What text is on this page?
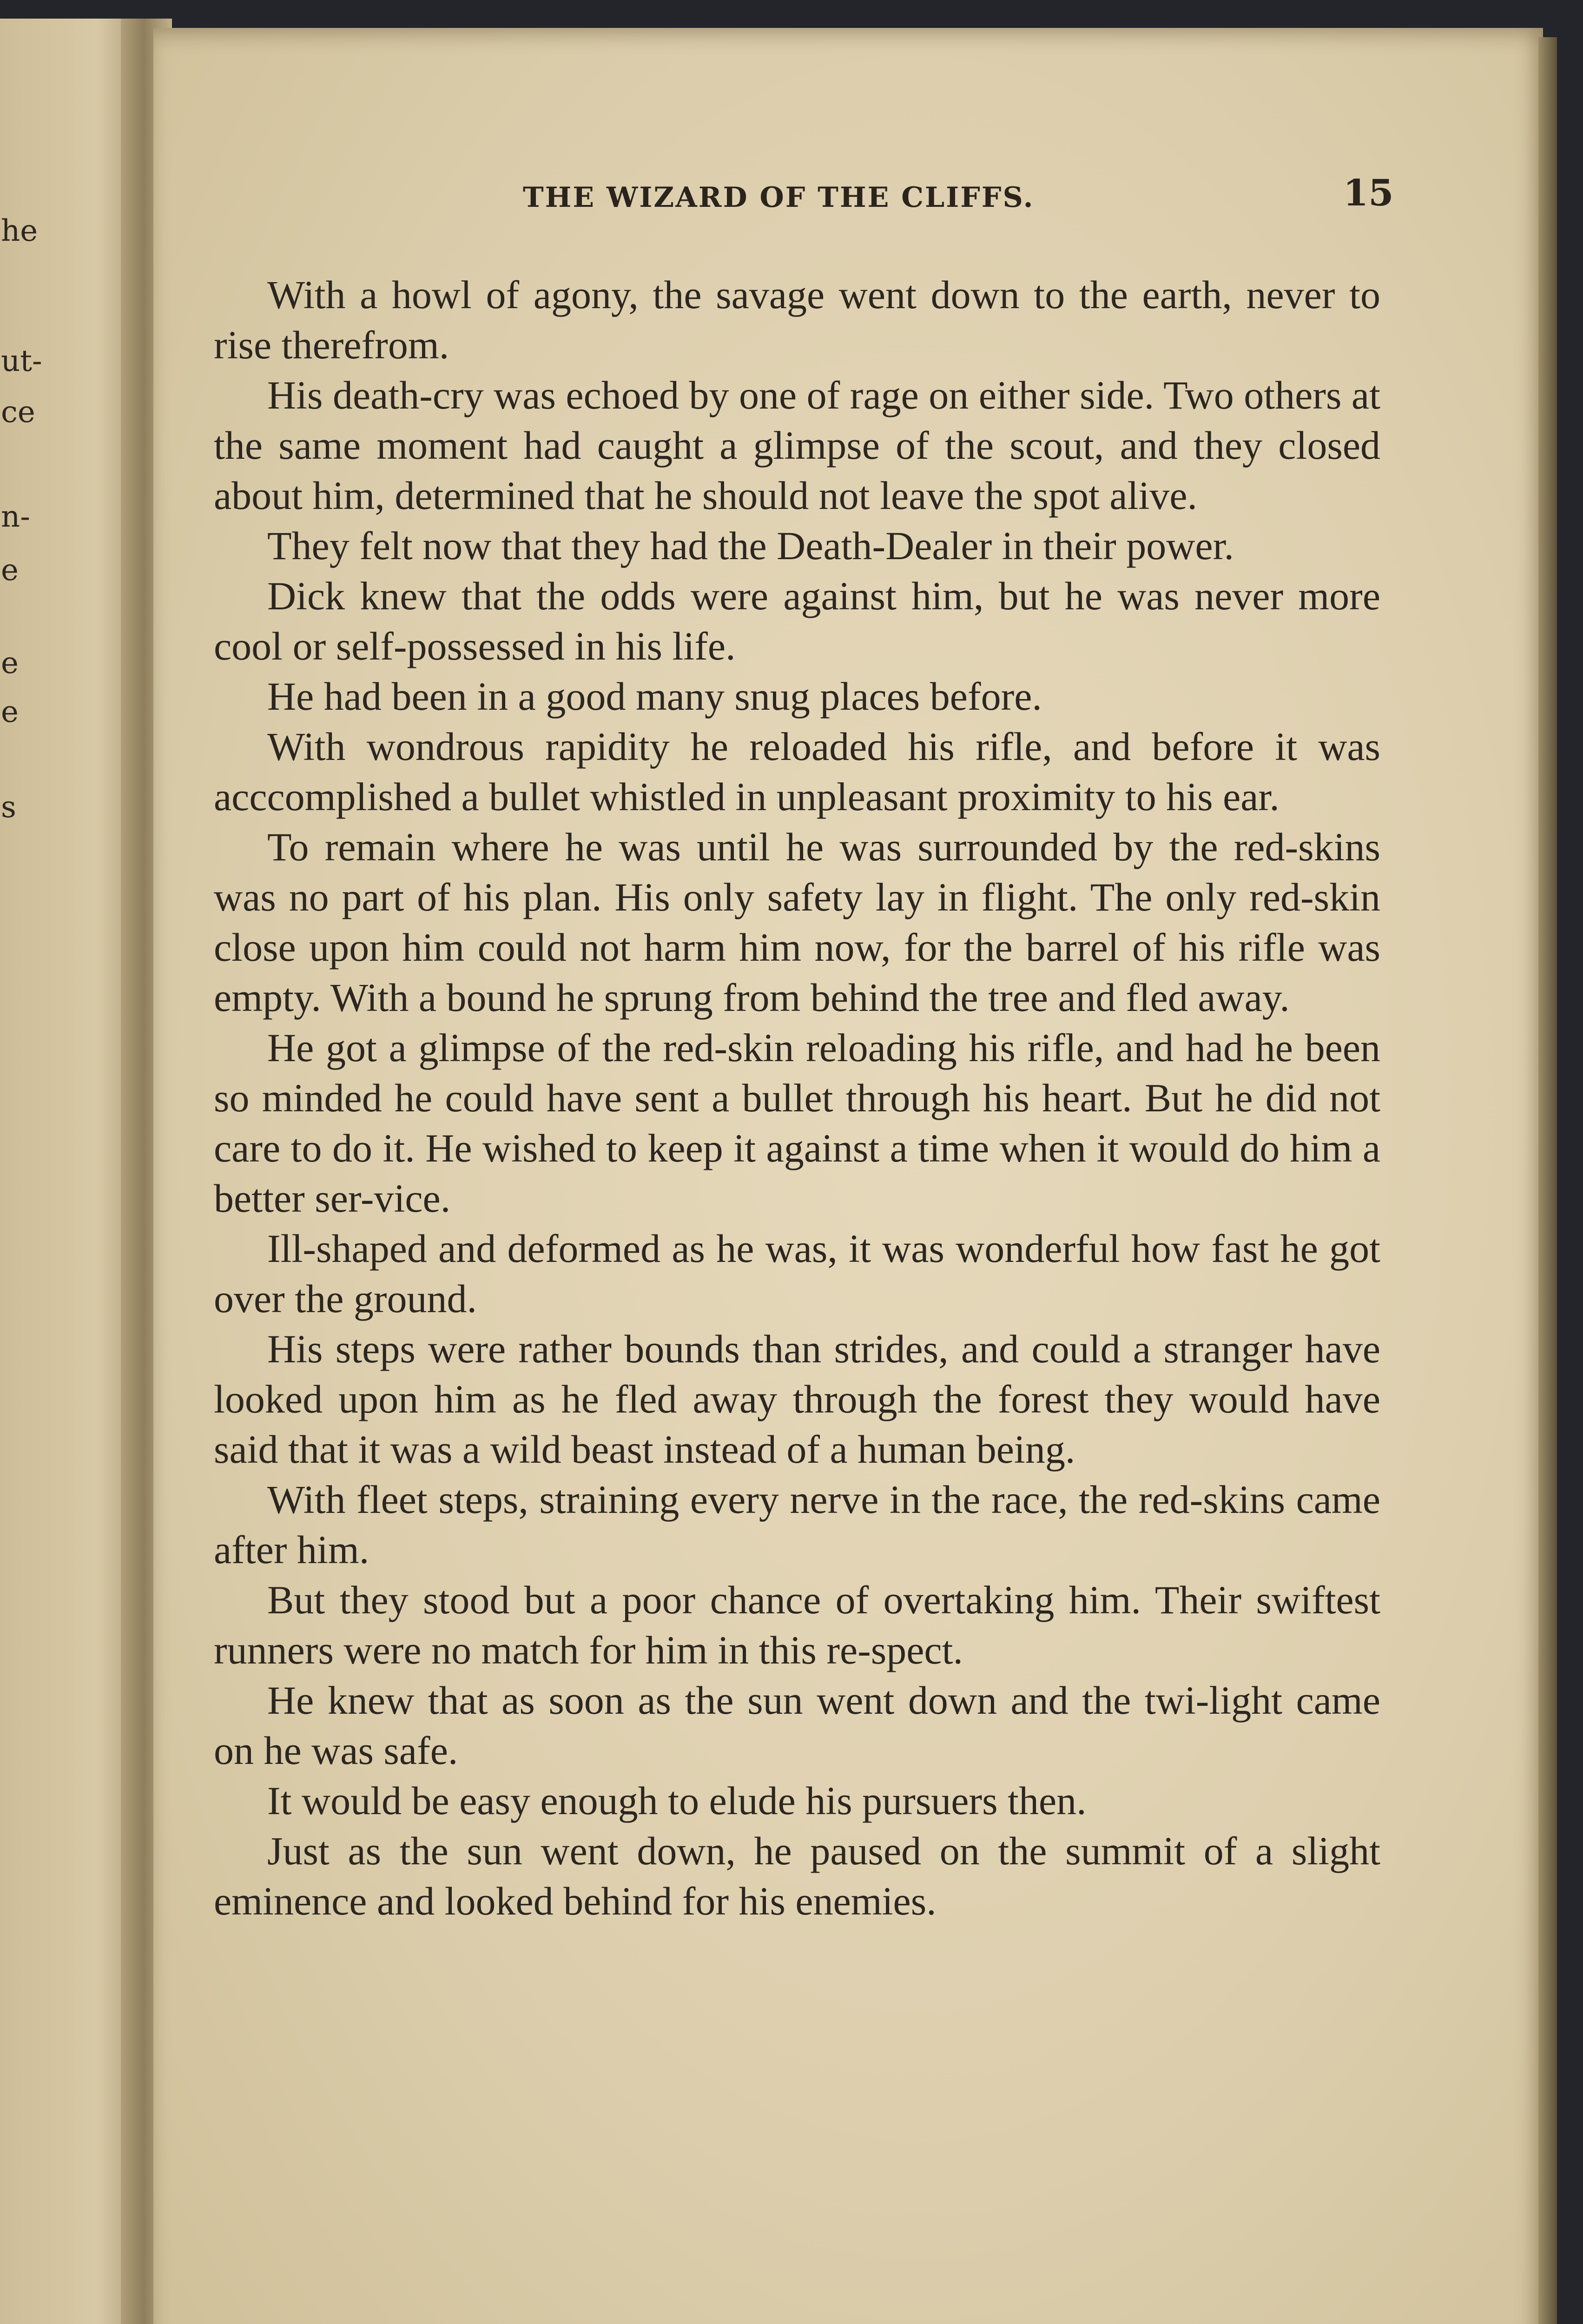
he
ut-
ce
n-
e
e
e
s
THE WIZARD OF THE CLIFFS.	15

With a howl of agony, the savage went down to the earth, never to rise therefrom.

His death-cry was echoed by one of rage on either side. Two others at the same moment had caught a glimpse of the scout, and they closed about him, determined that he should not leave the spot alive.

They felt now that they had the Death-Dealer in their power.

Dick knew that the odds were against him, but he was never more cool or self-possessed in his life.

He had been in a good many snug places before.

With wondrous rapidity he reloaded his rifle, and before it was acccomplished a bullet whistled in unpleasant proximity to his ear.

To remain where he was until he was surrounded by the red-skins was no part of his plan. His only safety lay in flight. The only red-skin close upon him could not harm him now, for the barrel of his rifle was empty. With a bound he sprung from behind the tree and fled away.

He got a glimpse of the red-skin reloading his rifle, and had he been so minded he could have sent a bullet through his heart. But he did not care to do it. He wished to keep it against a time when it would do him a better ser-vice.

Ill-shaped and deformed as he was, it was wonderful how fast he got over the ground.

His steps were rather bounds than strides, and could a stranger have looked upon him as he fled away through the forest they would have said that it was a wild beast instead of a human being.

With fleet steps, straining every nerve in the race, the red-skins came after him.

But they stood but a poor chance of overtaking him. Their swiftest runners were no match for him in this re-spect.

He knew that as soon as the sun went down and the twi-light came on he was safe.

It would be easy enough to elude his pursuers then.

Just as the sun went down, he paused on the summit of a slight eminence and looked behind for his enemies.
